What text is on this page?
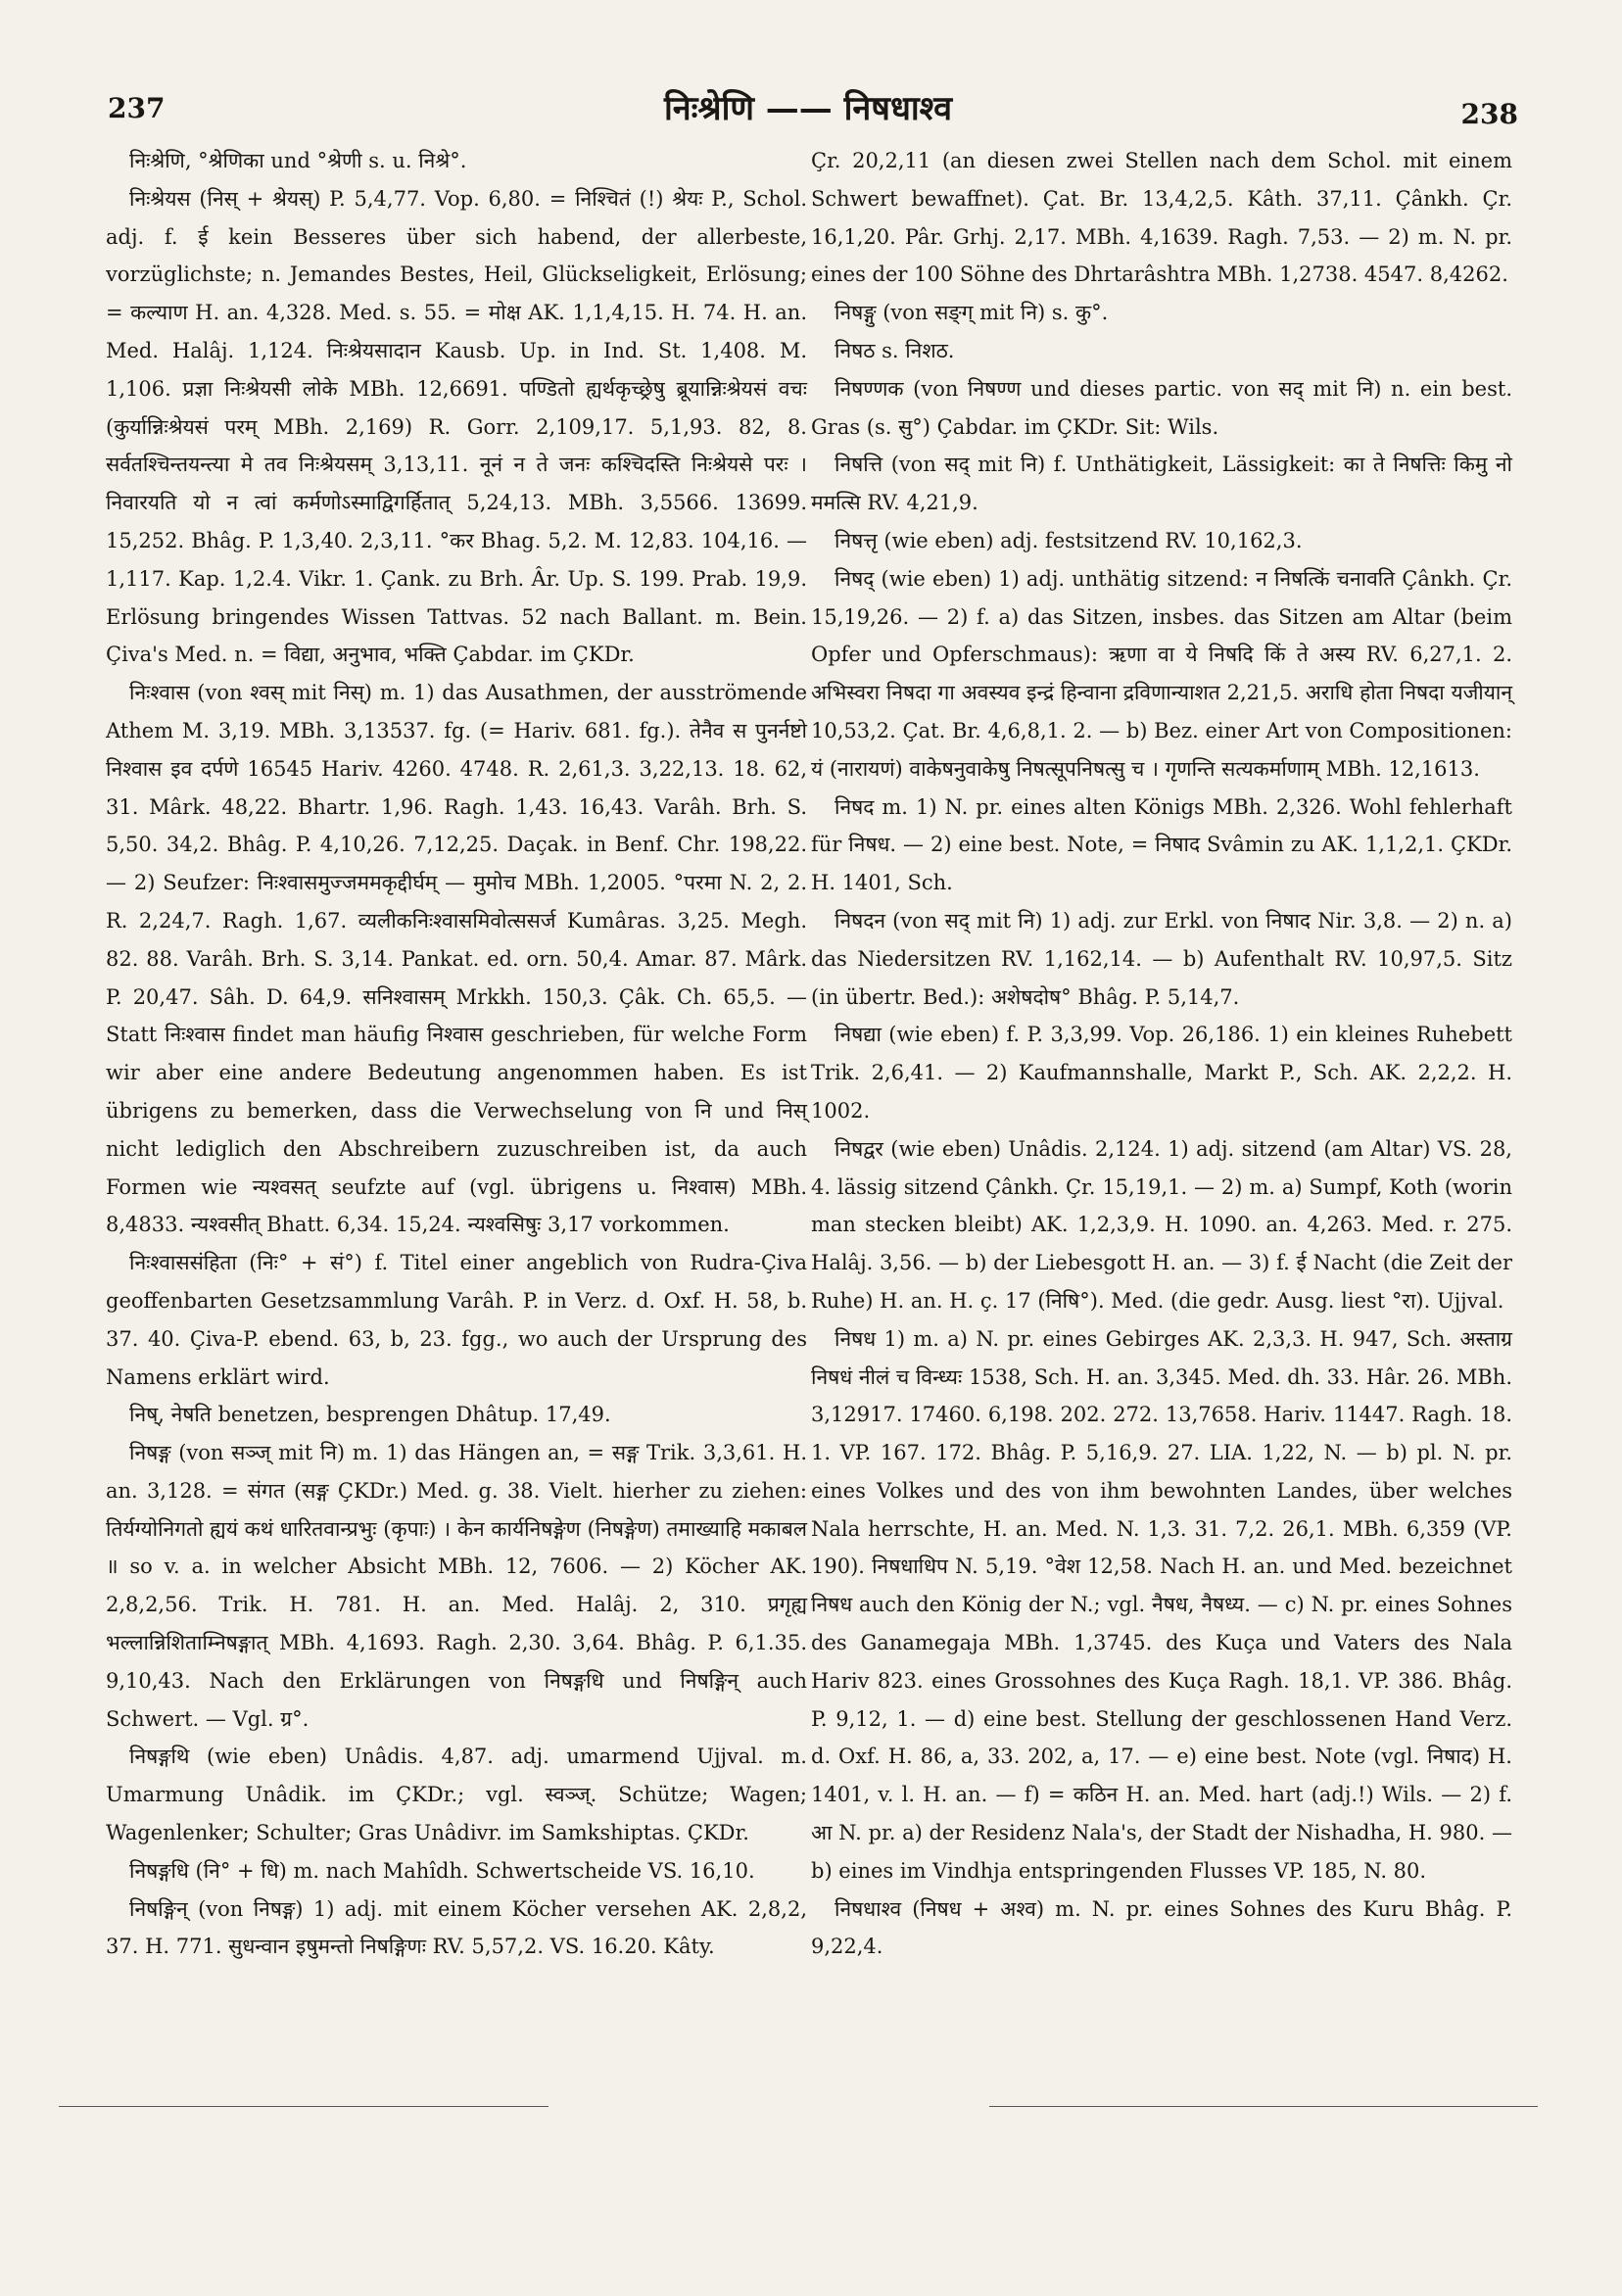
237	निःश्रेणि —— निषधाश्व	238

निःश्रेणि, °श्रेणिका und °श्रेणी s. u. निश्रे°.

निःश्रेयस (निस् + श्रेयस्) P. 5,4,77. Vop. 6,80. = निश्चितं (!) श्रेयः P., Schol. adj. f. ई kein Besseres über sich habend, der allerbeste, vorzüglichste; n. Jemandes Bestes, Heil, Glückseligkeit, Erlösung; = कल्याण H. an. 4,328. Med. s. 55. = मोक्ष AK. 1,1,4,15. H. 74. H. an. Med. Halâj. 1,124. निःश्रेयसादान Kausb. Up. in Ind. St. 1,408. M. 1,106. प्रज्ञा निःश्रेयसी लोके MBh. 12,6691. पण्डितो ह्यर्थकृच्छ्रेषु ब्रूयान्निःश्रेयसं वचः (कुर्यान्निःश्रेयसं परम् MBh. 2,169) R. Gorr. 2,109,17. 5,1,93. 82, 8. सर्वतश्चिन्तयन्त्या मे तव निःश्रेयसम् 3,13,11. नूनं न ते जनः कश्चिदस्ति निःश्रेयसे परः । निवारयति यो न त्वां कर्मणोऽस्माद्विगर्हितात् 5,24,13. MBh. 3,5566. 13699. 15,252. Bhâg. P. 1,3,40. 2,3,11. °कर Bhag. 5,2. M. 12,83. 104,16. — 1,117. Kap. 1,2.4. Vikr. 1. Çank. zu Brh. Âr. Up. S. 199. Prab. 19,9. Erlösung bringendes Wissen Tattvas. 52 nach Ballant. m. Bein. Çiva's Med. n. = विद्या, अनुभाव, भक्ति Çabdar. im ÇKDr.

निःश्वास (von श्वस् mit निस्) m. 1) das Ausathmen, der ausströmende Athem M. 3,19. MBh. 3,13537. fg. (= Hariv. 681. fg.). तेनैव स पुनर्नष्टो निश्वास इव दर्पणे 16545 Hariv. 4260. 4748. R. 2,61,3. 3,22,13. 18. 62, 31. Mârk. 48,22. Bhartr. 1,96. Ragh. 1,43. 16,43. Varâh. Brh. S. 5,50. 34,2. Bhâg. P. 4,10,26. 7,12,25. Daçak. in Benf. Chr. 198,22. — 2) Seufzer: निःश्वासमुज्जममकृद्दीर्घम् — मुमोच MBh. 1,2005. °परमा N. 2, 2. R. 2,24,7. Ragh. 1,67. व्यलीकनिःश्वासमिवोत्ससर्ज Kumâras. 3,25. Megh. 82. 88. Varâh. Brh. S. 3,14. Pankat. ed. orn. 50,4. Amar. 87. Mârk. P. 20,47. Sâh. D. 64,9. सनिश्वासम् Mrkkh. 150,3. Çâk. Ch. 65,5. — Statt निःश्वास findet man häufig निश्वास geschrieben, für welche Form wir aber eine andere Bedeutung angenommen haben. Es ist übrigens zu bemerken, dass die Verwechselung von नि und निस् nicht lediglich den Abschreibern zuzuschreiben ist, da auch Formen wie न्यश्वसत् seufzte auf (vgl. übrigens u. निश्वास) MBh. 8,4833. न्यश्वसीत् Bhatt. 6,34. 15,24. न्यश्वसिषुः 3,17 vorkommen.

निःश्वाससंहिता (निः° + सं°) f. Titel einer angeblich von Rudra-Çiva geoffenbarten Gesetzsammlung Varâh. P. in Verz. d. Oxf. H. 58, b. 37. 40. Çiva-P. ebend. 63, b, 23. fgg., wo auch der Ursprung des Namens erklärt wird.

निष्, नेषति benetzen, besprengen Dhâtup. 17,49.

निषङ्ग (von सञ्ज् mit नि) m. 1) das Hängen an, = सङ्ग Trik. 3,3,61. H. an. 3,128. = संगत (सङ्ग ÇKDr.) Med. g. 38. Vielt. hierher zu ziehen: तिर्यग्योनिगतो ह्ययं कथं धारितवान्प्रभुः (कृपाः) । केन कार्यनिषङ्गेण (निषङ्गेण) तमाख्याहि मकाबल ॥ so v. a. in welcher Absicht MBh. 12, 7606. — 2) Köcher AK. 2,8,2,56. Trik. H. 781. H. an. Med. Halâj. 2, 310. प्रगृह्य भल्लान्निशिताम्निषङ्गात् MBh. 4,1693. Ragh. 2,30. 3,64. Bhâg. P. 6,1.35. 9,10,43. Nach den Erklärungen von निषङ्गधि und निषङ्गिन् auch Schwert. — Vgl. ग्र°.

निषङ्गथि (wie eben) Unâdis. 4,87. adj. umarmend Ujjval. m. Umarmung Unâdik. im ÇKDr.; vgl. स्वञ्ज्. Schütze; Wagen; Wagenlenker; Schulter; Gras Unâdivr. im Samkshiptas. ÇKDr.

निषङ्गधि (नि° + धि) m. nach Mahîdh. Schwertscheide VS. 16,10.

निषङ्गिन् (von निषङ्ग) 1) adj. mit einem Köcher versehen AK. 2,8,2, 37. H. 771. सुधन्वान इषुमन्तो निषङ्गिणः RV. 5,57,2. VS. 16.20. Kâty.

Çr. 20,2,11 (an diesen zwei Stellen nach dem Schol. mit einem Schwert bewaffnet). Çat. Br. 13,4,2,5. Kâth. 37,11. Çânkh. Çr. 16,1,20. Pâr. Grhj. 2,17. MBh. 4,1639. Ragh. 7,53. — 2) m. N. pr. eines der 100 Söhne des Dhrtarâshtra MBh. 1,2738. 4547. 8,4262.

निषङ्गु (von सङ्ग् mit नि) s. कु°.

निषठ s. निशठ.

निषण्णक (von निषण्ण und dieses partic. von सद् mit नि) n. ein best. Gras (s. सु°) Çabdar. im ÇKDr. Sit: Wils.

निषत्ति (von सद् mit नि) f. Unthätigkeit, Lässigkeit: का ते निषत्तिः किमु नो ममत्सि RV. 4,21,9.

निषत्तृ (wie eben) adj. festsitzend RV. 10,162,3.

निषद् (wie eben) 1) adj. unthätig sitzend: न निषत्किं चनावति Çânkh. Çr. 15,19,26. — 2) f. a) das Sitzen, insbes. das Sitzen am Altar (beim Opfer und Opferschmaus): ऋणा वा ये निषदि किं ते अस्य RV. 6,27,1. 2. अभिस्वरा निषदा गा अवस्यव इन्द्रं हिन्वाना द्रविणान्याशत 2,21,5. अराधि होता निषदा यजीयान् 10,53,2. Çat. Br. 4,6,8,1. 2. — b) Bez. einer Art von Compositionen: यं (नारायणं) वाकेषनुवाकेषु निषत्सूपनिषत्सु च । गृणन्ति सत्यकर्माणाम् MBh. 12,1613.

निषद m. 1) N. pr. eines alten Königs MBh. 2,326. Wohl fehlerhaft für निषध. — 2) eine best. Note, = निषाद Svâmin zu AK. 1,1,2,1. ÇKDr. H. 1401, Sch.

निषदन (von सद् mit नि) 1) adj. zur Erkl. von निषाद Nir. 3,8. — 2) n. a) das Niedersitzen RV. 1,162,14. — b) Aufenthalt RV. 10,97,5. Sitz (in übertr. Bed.): अशेषदोष° Bhâg. P. 5,14,7.

निषद्या (wie eben) f. P. 3,3,99. Vop. 26,186. 1) ein kleines Ruhebett Trik. 2,6,41. — 2) Kaufmannshalle, Markt P., Sch. AK. 2,2,2. H. 1002.

निषद्वर (wie eben) Unâdis. 2,124. 1) adj. sitzend (am Altar) VS. 28, 4. lässig sitzend Çânkh. Çr. 15,19,1. — 2) m. a) Sumpf, Koth (worin man stecken bleibt) AK. 1,2,3,9. H. 1090. an. 4,263. Med. r. 275. Halâj. 3,56. — b) der Liebesgott H. an. — 3) f. ई Nacht (die Zeit der Ruhe) H. an. H. ç. 17 (निषि°). Med. (die gedr. Ausg. liest °रा). Ujjval.

निषध 1) m. a) N. pr. eines Gebirges AK. 2,3,3. H. 947, Sch. अस्ताग्र निषधं नीलं च विन्ध्यः 1538, Sch. H. an. 3,345. Med. dh. 33. Hâr. 26. MBh. 3,12917. 17460. 6,198. 202. 272. 13,7658. Hariv. 11447. Ragh. 18. 1. VP. 167. 172. Bhâg. P. 5,16,9. 27. LIA. 1,22, N. — b) pl. N. pr. eines Volkes und des von ihm bewohnten Landes, über welches Nala herrschte, H. an. Med. N. 1,3. 31. 7,2. 26,1. MBh. 6,359 (VP. 190). निषधाधिप N. 5,19. °वेश 12,58. Nach H. an. und Med. bezeichnet निषध auch den König der N.; vgl. नैषध, नैषध्य. — c) N. pr. eines Sohnes des Ganamegaja MBh. 1,3745. des Kuça und Vaters des Nala Hariv 823. eines Grossohnes des Kuça Ragh. 18,1. VP. 386. Bhâg. P. 9,12, 1. — d) eine best. Stellung der geschlossenen Hand Verz. d. Oxf. H. 86, a, 33. 202, a, 17. — e) eine best. Note (vgl. निषाद) H. 1401, v. l. H. an. — f) = कठिन H. an. Med. hart (adj.!) Wils. — 2) f. आ N. pr. a) der Residenz Nala's, der Stadt der Nishadha, H. 980. — b) eines im Vindhja entspringenden Flusses VP. 185, N. 80.

निषधाश्व (निषध + अश्व) m. N. pr. eines Sohnes des Kuru Bhâg. P. 9,22,4.
